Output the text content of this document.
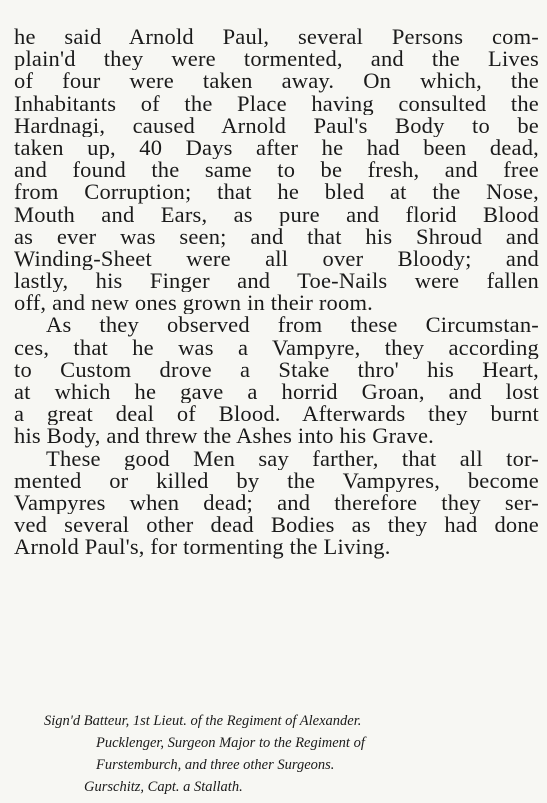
he said Arnold Paul, several Persons com-
plain'd they were tormented, and the Lives
of four were taken away. On which, the
Inhabitants of the Place having consulted the
Hardnagi, caused Arnold Paul's Body to be
taken up, 40 Days after he had been dead,
and found the same to be fresh, and free
from Corruption; that he bled at the Nose,
Mouth and Ears, as pure and florid Blood
as ever was seen; and that his Shroud and
Winding-Sheet were all over Bloody; and
lastly, his Finger and Toe-Nails were fallen
off, and new ones grown in their room.
As they observed from these Circumstan-
ces, that he was a Vampyre, they according
to Custom drove a Stake thro' his Heart,
at which he gave a horrid Groan, and lost
a great deal of Blood. Afterwards they burnt
his Body, and threw the Ashes into his Grave.
These good Men say farther, that all tor-
mented or killed by the Vampyres, become
Vampyres when dead; and therefore they ser-
ved several other dead Bodies as they had done
Arnold Paul's, for tormenting the Living.
Sign'd Batteur, 1st Lieut. of the Regiment of Alexander.
Pucklenger, Surgeon Major to the Regiment of
Furstemburch, and three other Surgeons.
Gurschitz, Capt. a Stallath.
